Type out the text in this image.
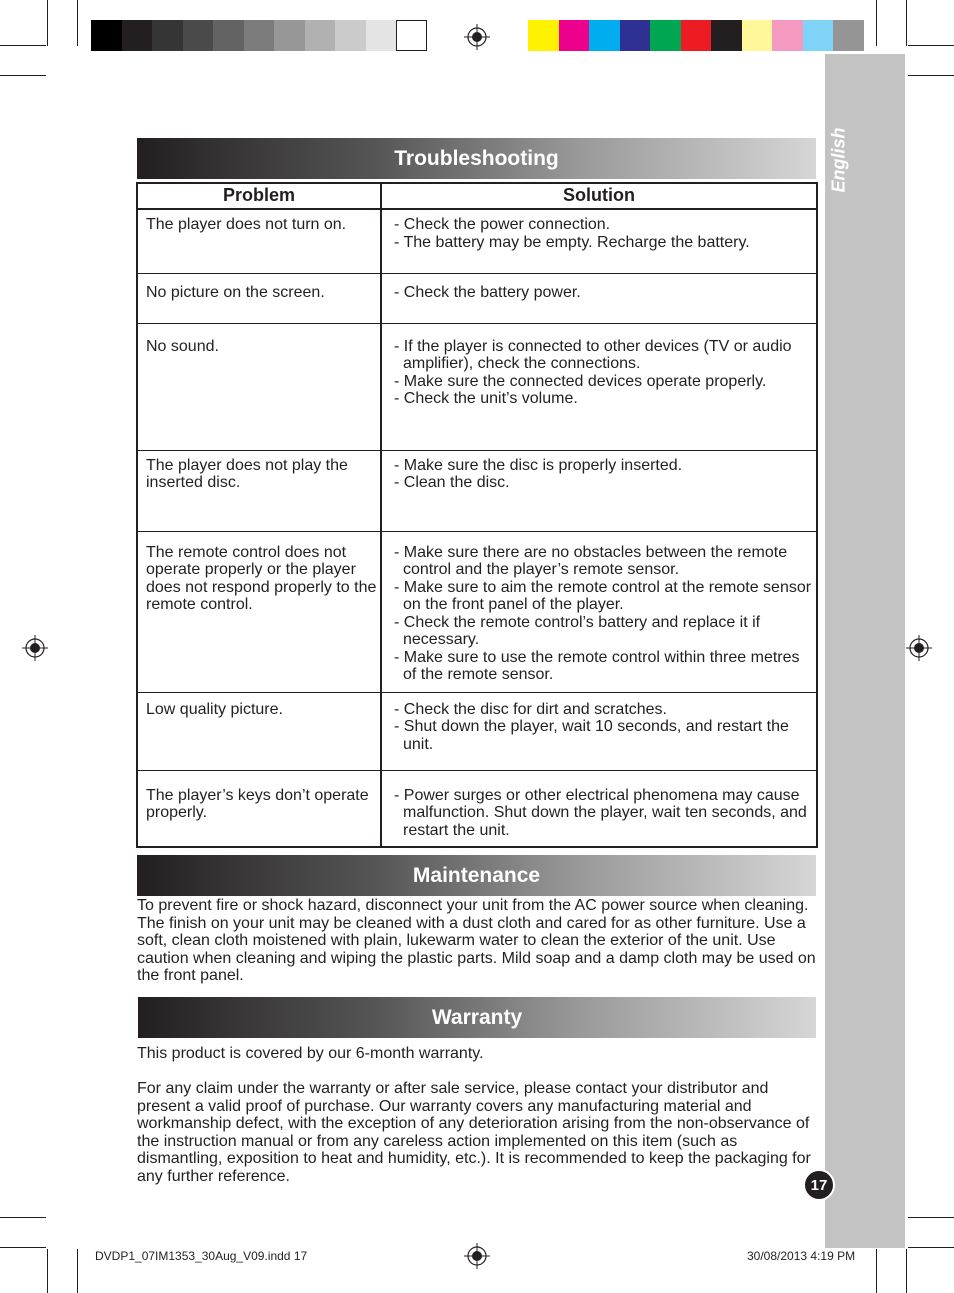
English
Troubleshooting
Problem	Solution

The player does not turn on.	- Check the power connection.
- The battery may be empty. Recharge the battery.

No picture on the screen.	- Check the battery power.

No sound.	- If the player is connected to other devices (TV or audio amplifier), check the connections.
- Make sure the connected devices operate properly.
- Check the unit’s volume.

The player does not play the inserted disc.	- Make sure the disc is properly inserted.
- Clean the disc.

The remote control does not operate properly or the player does not respond properly to the remote control.	- Make sure there are no obstacles between the remote control and the player’s remote sensor.
- Make sure to aim the remote control at the remote sensor on the front panel of the player.
- Check the remote control’s battery and replace it if necessary.
- Make sure to use the remote control within three metres of the remote sensor.

Low quality picture.	- Check the disc for dirt and scratches.
- Shut down the player, wait 10 seconds, and restart the unit.

The player’s keys don’t operate properly.	- Power surges or other electrical phenomena may cause malfunction. Shut down the player, wait ten seconds, and restart the unit.
Maintenance
To prevent fire or shock hazard, disconnect your unit from the AC power source when cleaning. The finish on your unit may be cleaned with a dust cloth and cared for as other furniture. Use a soft, clean cloth moistened with plain, lukewarm water to clean the exterior of the unit. Use caution when cleaning and wiping the plastic parts. Mild soap and a damp cloth may be used on the front panel.
Warranty
This product is covered by our 6-month warranty.
For any claim under the warranty or after sale service, please contact your distributor and present a valid proof of purchase. Our warranty covers any manufacturing material and workmanship defect, with the exception of any deterioration arising from the non-observance of the instruction manual or from any careless action implemented on this item (such as dismantling, exposition to heat and humidity, etc.). It is recommended to keep the packaging for any further reference.
17
DVDP1_07IM1353_30Aug_V09.indd 17	30/08/2013 4:19 PM
